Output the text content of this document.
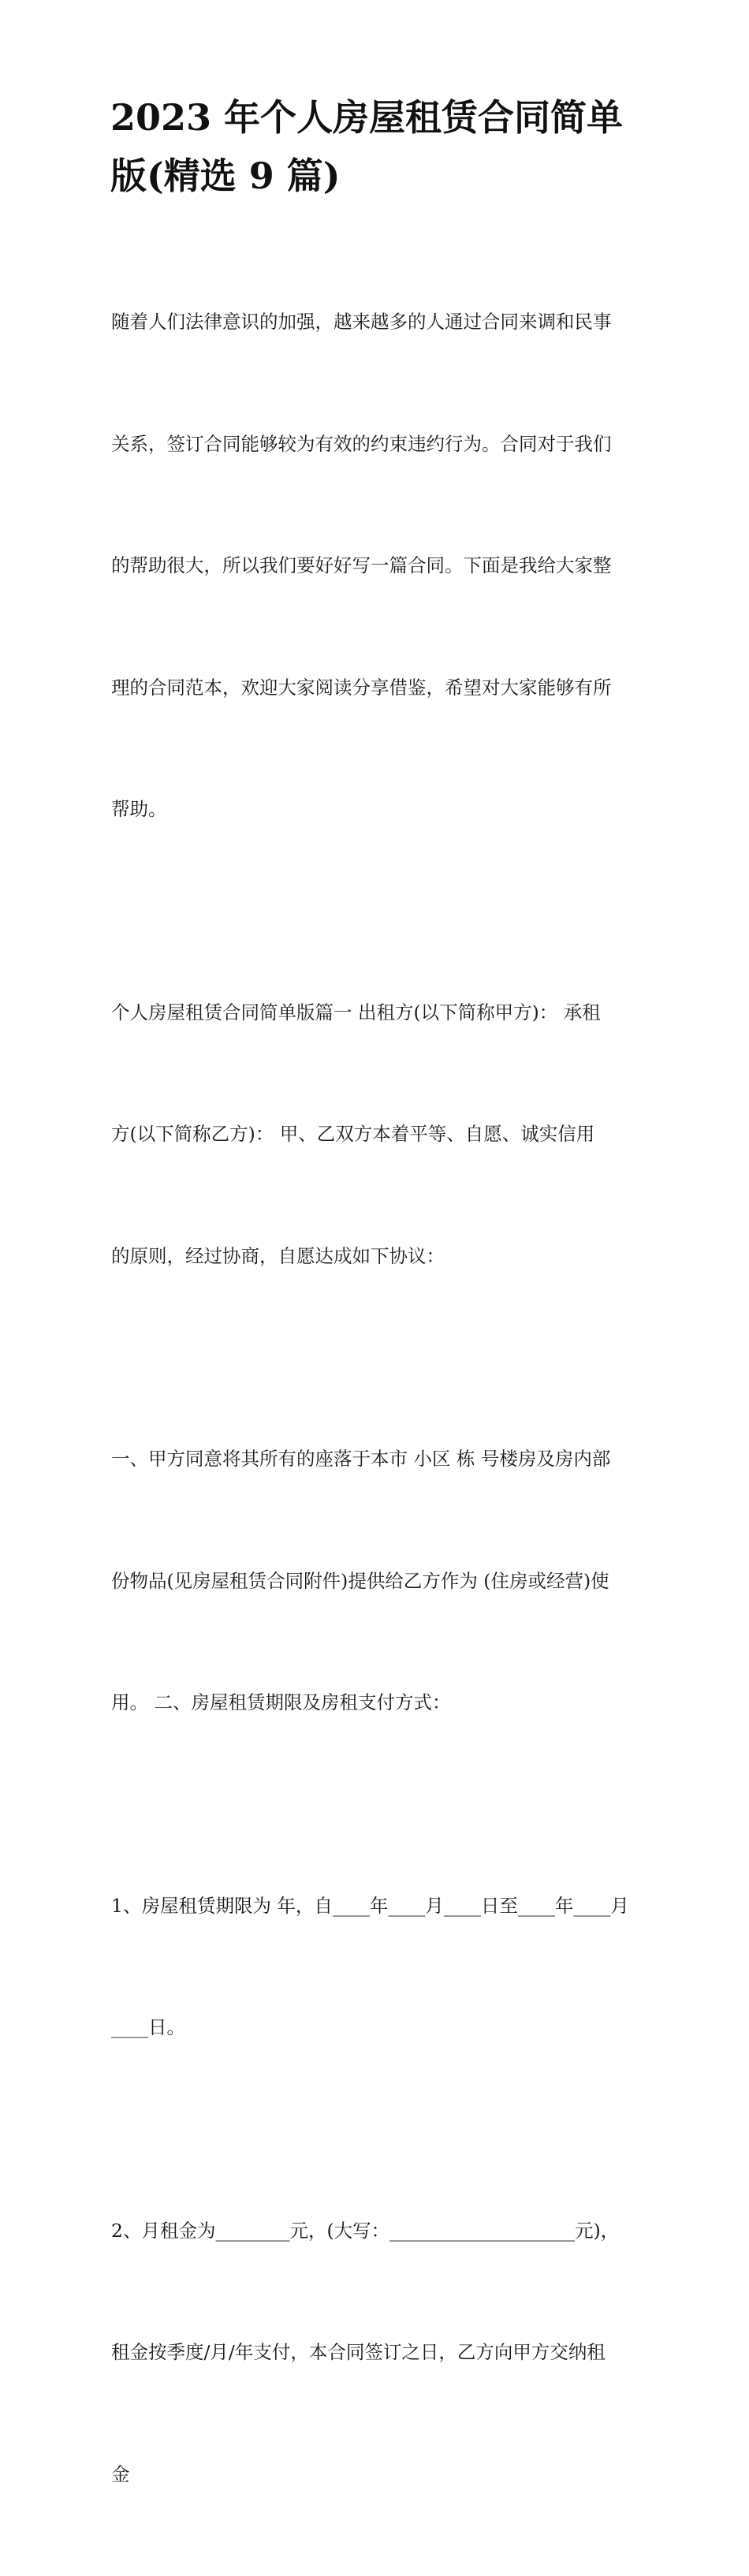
2023 年个人房屋租赁合同简单
版(精选 9 篇)

随着人们法律意识的加强，越来越多的人通过合同来调和民事

关系，签订合同能够较为有效的约束违约行为。合同对于我们

的帮助很大，所以我们要好好写一篇合同。下面是我给大家整

理的合同范本，欢迎大家阅读分享借鉴，希望对大家能够有所

帮助。

个人房屋租赁合同简单版篇一 出租方(以下简称甲方)： 承租

方(以下简称乙方)： 甲、乙双方本着平等、自愿、诚实信用

的原则，经过协商，自愿达成如下协议：

一、甲方同意将其所有的座落于本市 小区 栋 号楼房及房内部

份物品(见房屋租赁合同附件)提供给乙方作为 (住房或经营)使

用。 二、房屋租赁期限及房租支付方式：

1、房屋租赁期限为 年，自____年____月____日至____年____月

____日。

2、月租金为________元，(大写：____________________元)，

租金按季度/月/年支付，本合同签订之日，乙方向甲方交纳租

金
